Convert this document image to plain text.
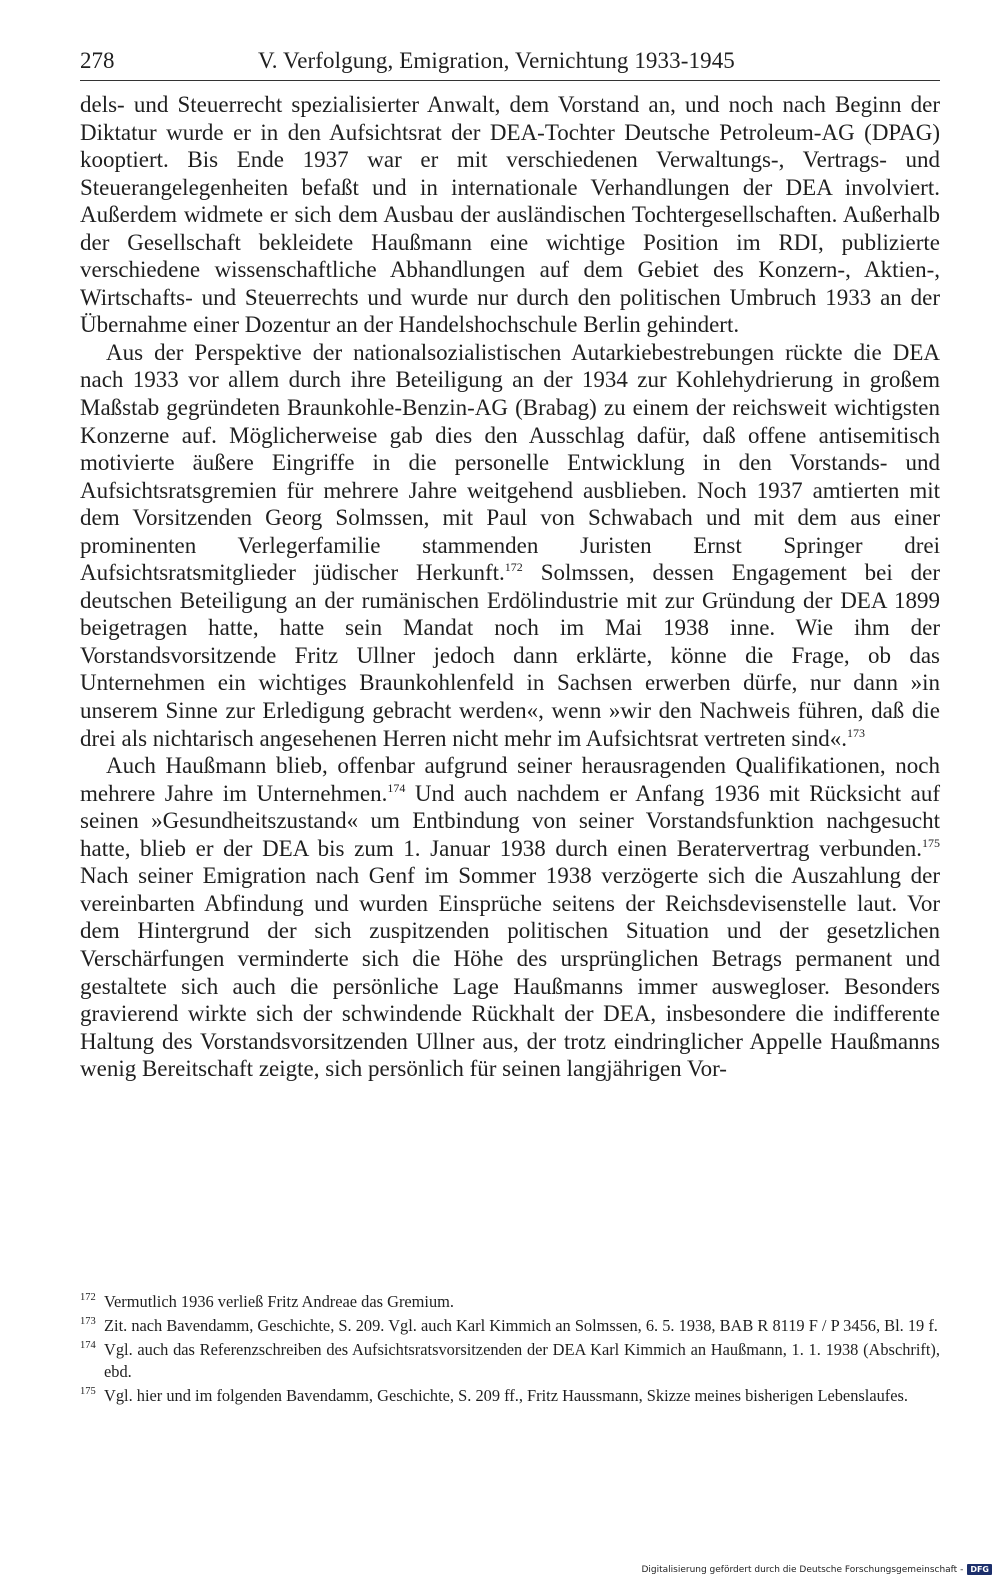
278	V. Verfolgung, Emigration, Vernichtung 1933-1945

dels- und Steuerrecht spezialisierter Anwalt, dem Vorstand an, und noch nach Beginn der Diktatur wurde er in den Aufsichtsrat der DEA-Tochter Deutsche Petroleum-AG (DPAG) kooptiert. Bis Ende 1937 war er mit verschiedenen Verwaltungs-, Vertrags- und Steuerangelegenheiten befaßt und in internationale Verhandlungen der DEA involviert. Außerdem widmete er sich dem Ausbau der ausländischen Tochtergesellschaften. Außerhalb der Gesellschaft bekleidete Haußmann eine wichtige Position im RDI, publizierte verschiedene wissenschaftliche Abhandlungen auf dem Gebiet des Konzern-, Aktien-, Wirtschafts- und Steuerrechts und wurde nur durch den politischen Umbruch 1933 an der Übernahme einer Dozentur an der Handelshochschule Berlin gehindert.

Aus der Perspektive der nationalsozialistischen Autarkiebestrebungen rückte die DEA nach 1933 vor allem durch ihre Beteiligung an der 1934 zur Kohlehydrierung in großem Maßstab gegründeten Braunkohle-Benzin-AG (Brabag) zu einem der reichsweit wichtigsten Konzerne auf. Möglicherweise gab dies den Ausschlag dafür, daß offene antisemitisch motivierte äußere Eingriffe in die personelle Entwicklung in den Vorstands- und Aufsichtsratsgremien für mehrere Jahre weitgehend ausblieben. Noch 1937 amtierten mit dem Vorsitzenden Georg Solmssen, mit Paul von Schwabach und mit dem aus einer prominenten Verlegerfamilie stammenden Juristen Ernst Springer drei Aufsichtsratsmitglieder jüdischer Herkunft.$^{172}$ Solmssen, dessen Engagement bei der deutschen Beteiligung an der rumänischen Erdölindustrie mit zur Gründung der DEA 1899 beigetragen hatte, hatte sein Mandat noch im Mai 1938 inne. Wie ihm der Vorstandsvorsitzende Fritz Ullner jedoch dann erklärte, könne die Frage, ob das Unternehmen ein wichtiges Braunkohlenfeld in Sachsen erwerben dürfe, nur dann »in unserem Sinne zur Erledigung gebracht werden«, wenn »wir den Nachweis führen, daß die drei als nichtarisch angesehenen Herren nicht mehr im Aufsichtsrat vertreten sind«.$^{173}$

Auch Haußmann blieb, offenbar aufgrund seiner herausragenden Qualifikationen, noch mehrere Jahre im Unternehmen.$^{174}$ Und auch nachdem er Anfang 1936 mit Rücksicht auf seinen »Gesundheitszustand« um Entbindung von seiner Vorstandsfunktion nachgesucht hatte, blieb er der DEA bis zum 1. Januar 1938 durch einen Beratervertrag verbunden.$^{175}$ Nach seiner Emigration nach Genf im Sommer 1938 verzögerte sich die Auszahlung der vereinbarten Abfindung und wurden Einsprüche seitens der Reichsdevisenstelle laut. Vor dem Hintergrund der sich zuspitzenden politischen Situation und der gesetzlichen Verschärfungen verminderte sich die Höhe des ursprünglichen Betrags permanent und gestaltete sich auch die persönliche Lage Haußmanns immer auswegloser. Besonders gravierend wirkte sich der schwindende Rückhalt der DEA, insbesondere die indifferente Haltung des Vorstandsvorsitzenden Ullner aus, der trotz eindringlicher Appelle Haußmanns wenig Bereitschaft zeigte, sich persönlich für seinen langjährigen Vor-

172 Vermutlich 1936 verließ Fritz Andreae das Gremium.
173 Zit. nach Bavendamm, Geschichte, S. 209. Vgl. auch Karl Kimmich an Solmssen, 6. 5. 1938, BAB R 8119 F / P 3456, Bl. 19 f.
174 Vgl. auch das Referenzschreiben des Aufsichtsratsvorsitzenden der DEA Karl Kimmich an Haußmann, 1. 1. 1938 (Abschrift), ebd.
175 Vgl. hier und im folgenden Bavendamm, Geschichte, S. 209 ff., Fritz Haussmann, Skizze meines bisherigen Lebenslaufes.
Digitalisierung gefördert durch die Deutsche Forschungsgemeinschaft - DFG
